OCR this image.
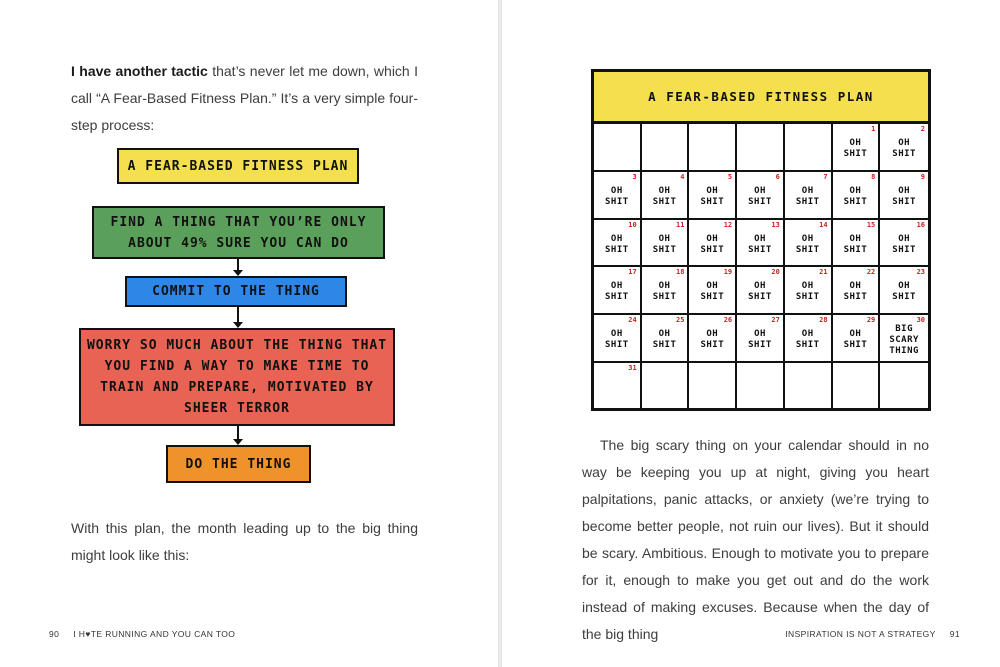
I have another tactic that’s never let me down, which I call “A Fear-Based Fitness Plan.” It’s a very simple four-step process:
A FEAR-BASED FITNESS PLAN
FIND A THING THAT YOU’RE ONLY ABOUT 49% SURE YOU CAN DO
COMMIT TO THE THING
WORRY SO MUCH ABOUT THE THING THAT YOU FIND A WAY TO MAKE TIME TO TRAIN AND PREPARE, MOTIVATED BY SHEER TERROR
DO THE THING
With this plan, the month leading up to the big thing might look like this:
90 I H♥TE RUNNING AND YOU CAN TOO
A FEAR-BASED FITNESS PLAN
1
OH
SHIT
2
OH
SHIT
3
OH
SHIT
4
OH
SHIT
5
OH
SHIT
6
OH
SHIT
7
OH
SHIT
8
OH
SHIT
9
OH
SHIT
10
OH
SHIT
11
OH
SHIT
12
OH
SHIT
13
OH
SHIT
14
OH
SHIT
15
OH
SHIT
16
OH
SHIT
17
OH
SHIT
18
OH
SHIT
19
OH
SHIT
20
OH
SHIT
21
OH
SHIT
22
OH
SHIT
23
OH
SHIT
24
OH
SHIT
25
OH
SHIT
26
OH
SHIT
27
OH
SHIT
28
OH
SHIT
29
OH
SHIT
30
BIG
SCARY
THING
31

The big scary thing on your calendar should in no way be keeping you up at night, giving you heart palpitations, panic attacks, or anxiety (we’re trying to become better people, not ruin our lives). But it should be scary. Ambitious. Enough to motivate you to prepare for it, enough to make you get out and do the work instead of making excuses. Because when the day of the big thing	INSPIRATION IS NOT A STRATEGY 91
